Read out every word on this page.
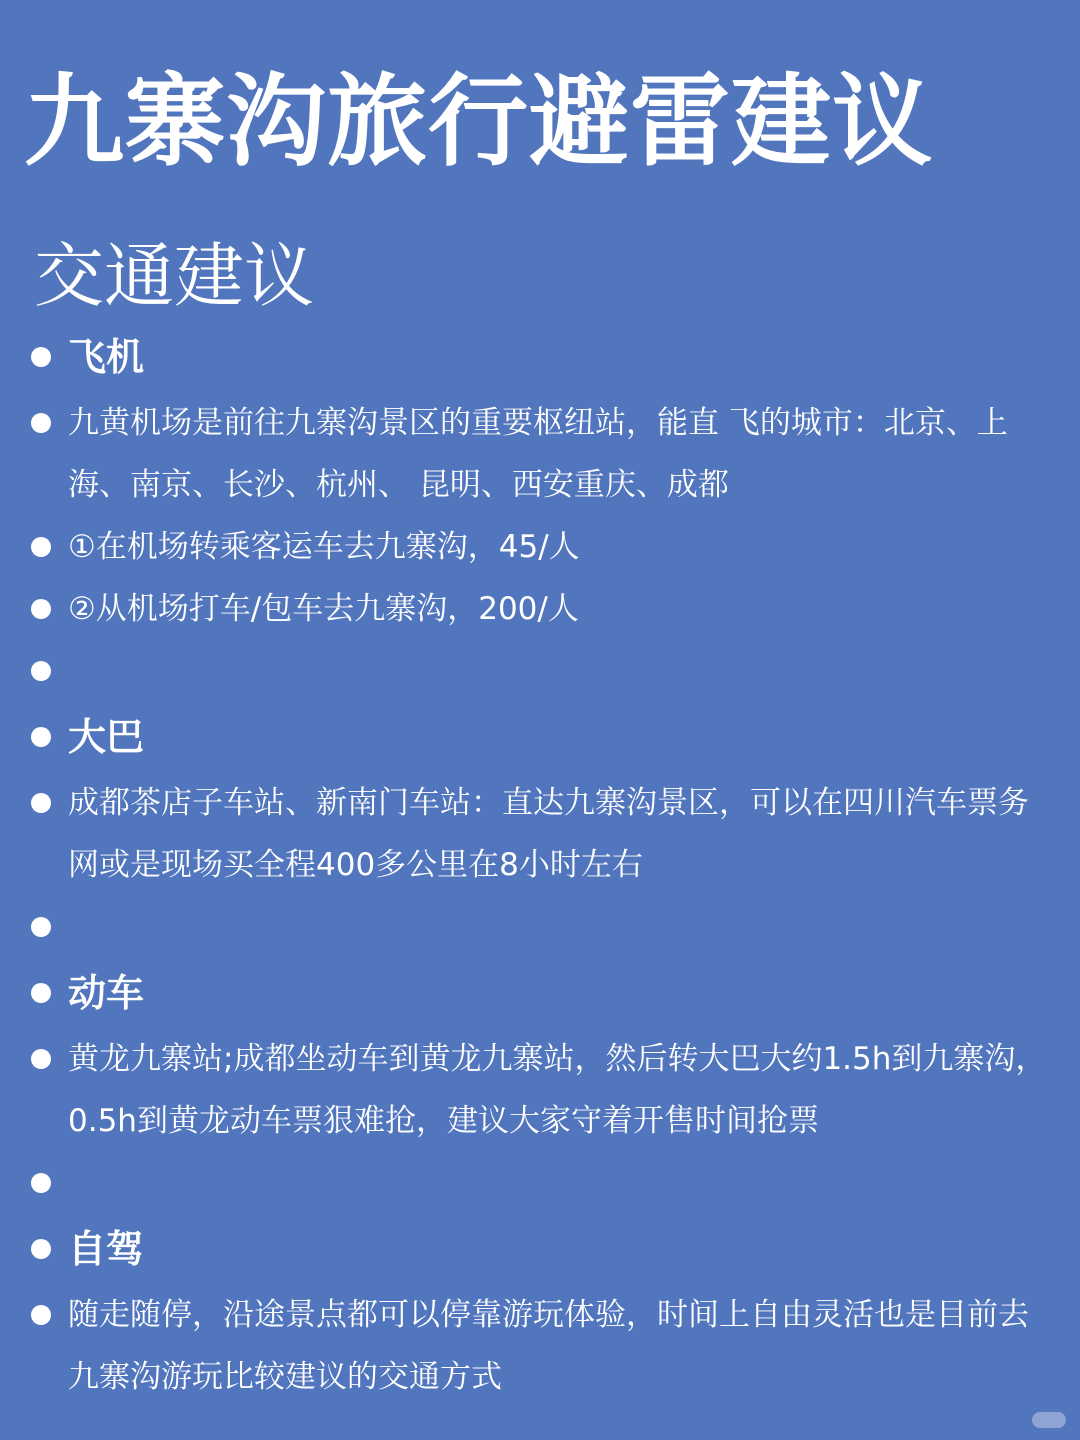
九寨沟旅行避雷建议
交通建议
飞机
九黄机场是前往九寨沟景区的重要枢纽站，能直 飞的城市：北京、上海、南京、长沙、杭州、 昆明、西安重庆、成都
①在机场转乘客运车去九寨沟，45/人
②从机场打车/包车去九寨沟，200/人
大巴
成都茶店子车站、新南门车站：直达九寨沟景区，可以在四川汽车票务网或是现场买全程400多公里在8小时左右
动车
黄龙九寨站;成都坐动车到黄龙九寨站，然后转大巴大约1.5h到九寨沟，0.5h到黄龙动车票狠难抢，建议大家守着开售时间抢票
自驾
随走随停，沿途景点都可以停靠游玩体验，时间上自由灵活也是目前去九寨沟游玩比较建议的交通方式
